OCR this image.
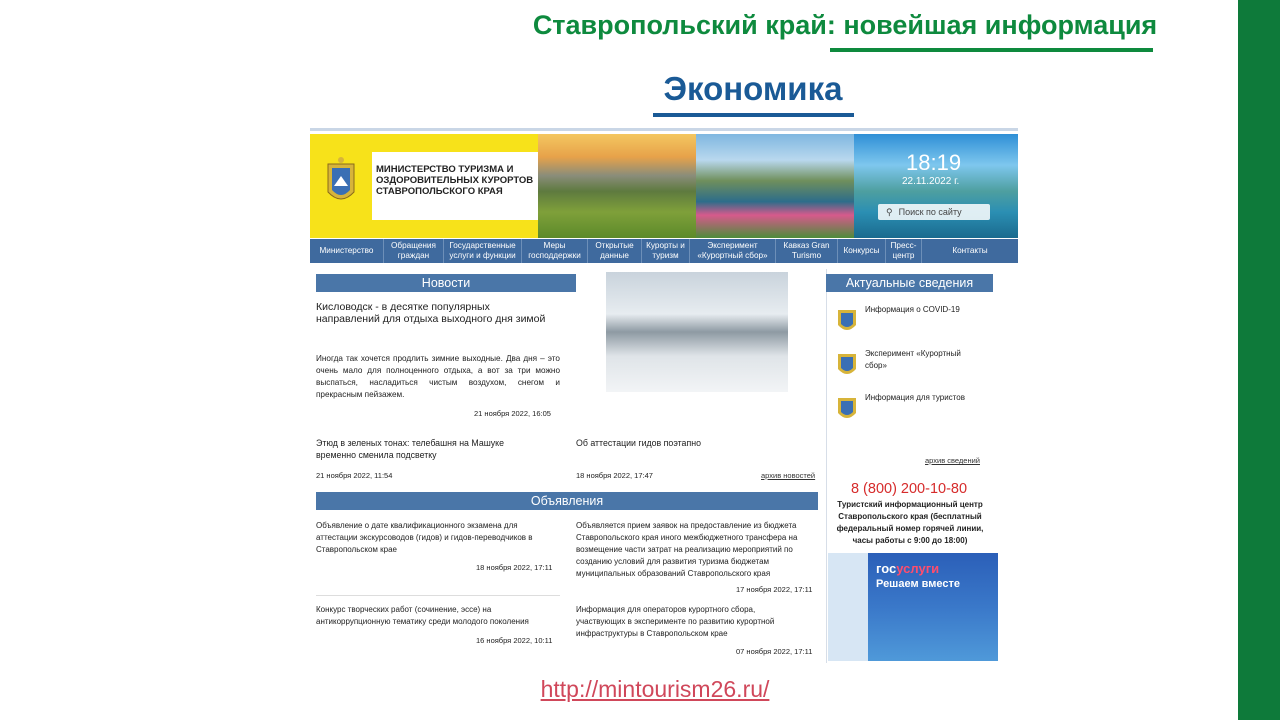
Ставропольский край: новейшая информация
Экономика
МИНИСТЕРСТВО ТУРИЗМА И ОЗДОРОВИТЕЛЬНЫХ КУРОРТОВ СТАВРОПОЛЬСКОГО КРАЯ
18:19
22.11.2022 г.
⚲ Поиск по сайту
Министерство
Обращения граждан
Государственные услуги и функции
Меры господдержки
Открытые данные
Курорты и туризм
Эксперимент «Курортный сбор»
Кавказ Gran Turismo
Конкурсы
Пресс-центр
Контакты
Новости
Кисловодск - в десятке популярных направлений для отдыха выходного дня зимой
Иногда так хочется продлить зимние выходные. Два дня – это очень мало для полноценного отдыха, а вот за три можно выспаться, насладиться чистым воздухом, снегом и прекрасным пейзажем.
21 ноября 2022, 16:05
Этюд в зеленых тонах: телебашня на Машуке временно сменила подсветку
21 ноября 2022, 11:54
Об аттестации гидов поэтапно
18 ноября 2022, 17:47	архив новостей
Объявления
Объявление о дате квалификационного экзамена для аттестации экскурсоводов (гидов) и гидов-переводчиков в Ставропольском крае
18 ноября 2022, 17:11
Объявляется прием заявок на предоставление из бюджета Ставропольского края иного межбюджетного трансфера на возмещение части затрат на реализацию мероприятий по созданию условий для развития туризма бюджетам муниципальных образований Ставропольского края
17 ноября 2022, 17:11
Конкурс творческих работ (сочинение, эссе) на антикоррупционную тематику среди молодого поколения
16 ноября 2022, 10:11
Информация для операторов курортного сбора, участвующих в эксперименте по развитию курортной инфраструктуры в Ставропольском крае
07 ноября 2022, 17:11
Актуальные сведения
Информация о COVID-19
Эксперимент «Курортный сбор»
Информация для туристов
архив сведений
8 (800) 200-10-80
Туристский информационный центр Ставропольского края (бесплатный федеральный номер горячей линии, часы работы с 9:00 до 18:00)
госуслуги
Решаем вместе
http://mintourism26.ru/
